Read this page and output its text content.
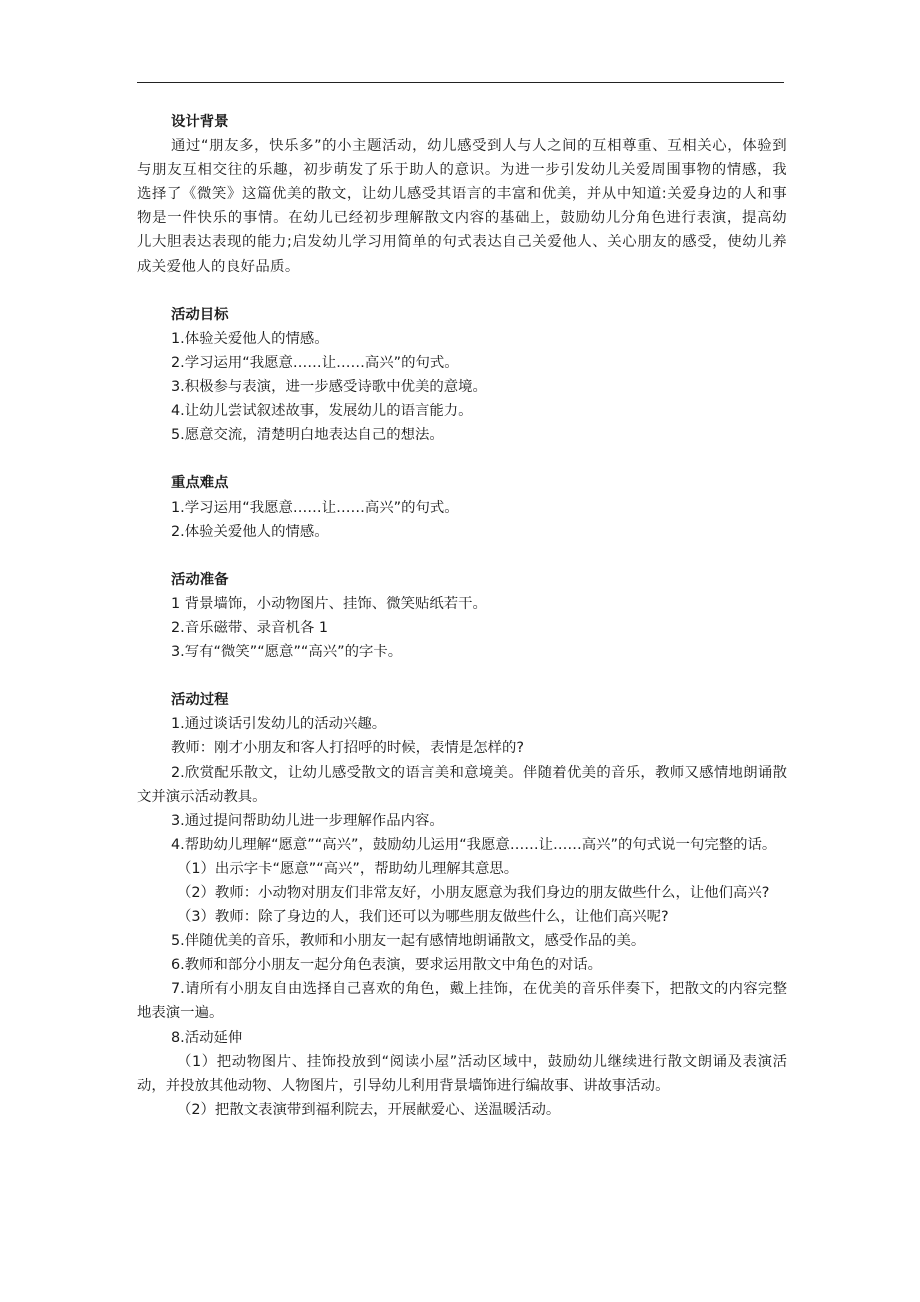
设计背景
通过“朋友多，快乐多”的小主题活动，幼儿感受到人与人之间的互相尊重、互相关心，体验到与朋友互相交往的乐趣，初步萌发了乐于助人的意识。为进一步引发幼儿关爱周围事物的情感，我选择了《微笑》这篇优美的散文，让幼儿感受其语言的丰富和优美，并从中知道:关爱身边的人和事物是一件快乐的事情。在幼儿已经初步理解散文内容的基础上，鼓励幼儿分角色进行表演，提高幼儿大胆表达表现的能力;启发幼儿学习用简单的句式表达自己关爱他人、关心朋友的感受，使幼儿养成关爱他人的良好品质。
活动目标
1.体验关爱他人的情感。
2.学习运用“我愿意……让……高兴”的句式。
3.积极参与表演，进一步感受诗歌中优美的意境。
4.让幼儿尝试叙述故事，发展幼儿的语言能力。
5.愿意交流，清楚明白地表达自己的想法。
重点难点
1.学习运用“我愿意……让……高兴”的句式。
2.体验关爱他人的情感。
活动准备
1 背景墙饰，小动物图片、挂饰、微笑贴纸若干。
2.音乐磁带、录音机各 1
3.写有“微笑”“愿意”“高兴”的字卡。
活动过程
1.通过谈话引发幼儿的活动兴趣。
教师：刚才小朋友和客人打招呼的时候，表情是怎样的?
2.欣赏配乐散文，让幼儿感受散文的语言美和意境美。伴随着优美的音乐，教师又感情地朗诵散文并演示活动教具。
3.通过提问帮助幼儿进一步理解作品内容。
4.帮助幼儿理解“愿意”“高兴”，鼓励幼儿运用“我愿意……让……高兴”的句式说一句完整的话。
（1）出示字卡“愿意”“高兴”，帮助幼儿理解其意思。
（2）教师：小动物对朋友们非常友好，小朋友愿意为我们身边的朋友做些什么，让他们高兴?
（3）教师：除了身边的人，我们还可以为哪些朋友做些什么，让他们高兴呢?
5.伴随优美的音乐，教师和小朋友一起有感情地朗诵散文，感受作品的美。
6.教师和部分小朋友一起分角色表演，要求运用散文中角色的对话。
7.请所有小朋友自由选择自己喜欢的角色，戴上挂饰，在优美的音乐伴奏下，把散文的内容完整地表演一遍。
8.活动延伸
（1）把动物图片、挂饰投放到“阅读小屋”活动区域中，鼓励幼儿继续进行散文朗诵及表演活动，并投放其他动物、人物图片，引导幼儿利用背景墙饰进行编故事、讲故事活动。
（2）把散文表演带到福利院去，开展献爱心、送温暖活动。
